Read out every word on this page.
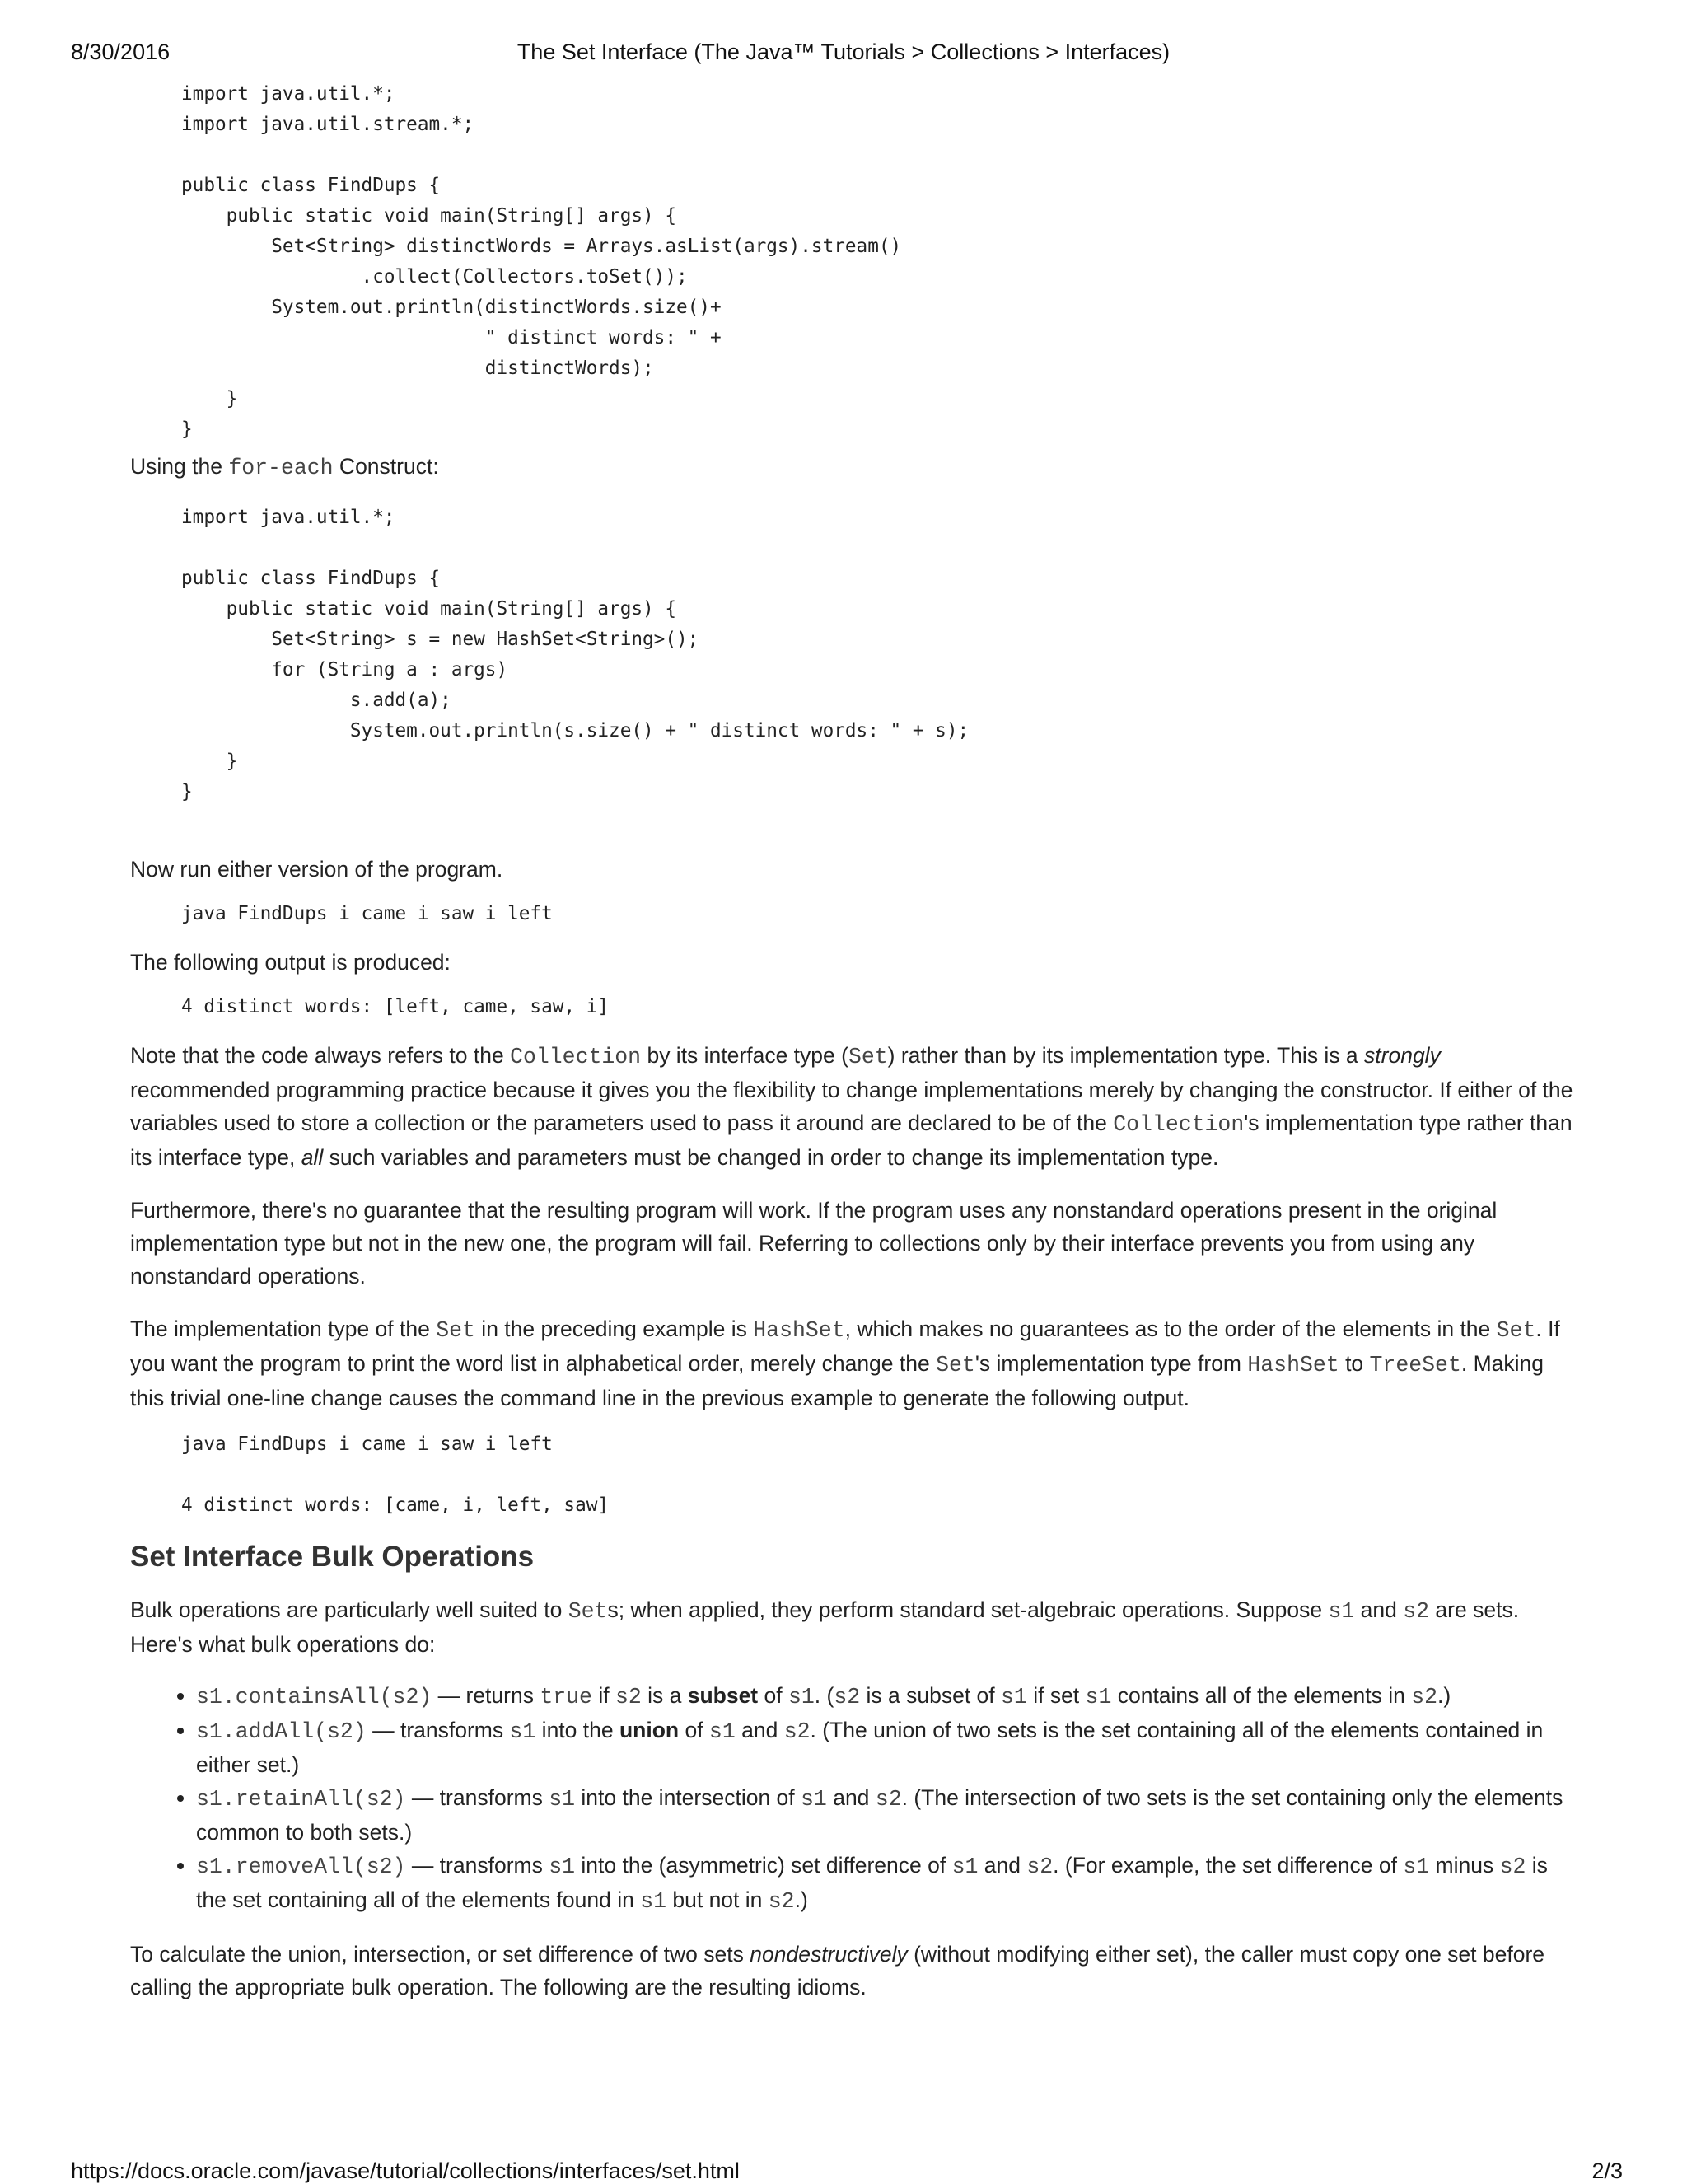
8/30/2016	The Set Interface (The Java™ Tutorials > Collections > Interfaces)
import java.util.*;
import java.util.stream.*;

public class FindDups {
public static void main(String[] args) {
Set<String> distinctWords = Arrays.asList(args).stream()
.collect(Collectors.toSet());
System.out.println(distinctWords.size()+
" distinct words: " +
distinctWords);
}
}

Using the for-each Construct:

import java.util.*;

public class FindDups {
public static void main(String[] args) {
Set<String> s = new HashSet<String>();
for (String a : args)
s.add(a);
System.out.println(s.size() + " distinct words: " + s);
}
}

Now run either version of the program.

java FindDups i came i saw i left

The following output is produced:

4 distinct words: [left, came, saw, i]

Note that the code always refers to the Collection by its interface type (Set) rather than by its implementation type. This is a strongly recommended programming practice because it gives you the flexibility to change implementations merely by changing the constructor. If either of the variables used to store a collection or the parameters used to pass it around are declared to be of the Collection's implementation type rather than its interface type, all such variables and parameters must be changed in order to change its implementation type.

Furthermore, there's no guarantee that the resulting program will work. If the program uses any nonstandard operations present in the original implementation type but not in the new one, the program will fail. Referring to collections only by their interface prevents you from using any nonstandard operations.

The implementation type of the Set in the preceding example is HashSet, which makes no guarantees as to the order of the elements in the Set. If you want the program to print the word list in alphabetical order, merely change the Set's implementation type from HashSet to TreeSet. Making this trivial one-line change causes the command line in the previous example to generate the following output.

java FindDups i came i saw i left

4 distinct words: [came, i, left, saw]
Set Interface Bulk Operations

Bulk operations are particularly well suited to Sets; when applied, they perform standard set-algebraic operations. Suppose s1 and s2 are sets. Here's what bulk operations do:

• s1.containsAll(s2) — returns true if s2 is a subset of s1. (s2 is a subset of s1 if set s1 contains all of the elements in s2.)
• s1.addAll(s2) — transforms s1 into the union of s1 and s2. (The union of two sets is the set containing all of the elements contained in either set.)
• s1.retainAll(s2) — transforms s1 into the intersection of s1 and s2. (The intersection of two sets is the set containing only the elements common to both sets.)
• s1.removeAll(s2) — transforms s1 into the (asymmetric) set difference of s1 and s2. (For example, the set difference of s1 minus s2 is the set containing all of the elements found in s1 but not in s2.)

To calculate the union, intersection, or set difference of two sets nondestructively (without modifying either set), the caller must copy one set before calling the appropriate bulk operation. The following are the resulting idioms.

https://docs.oracle.com/javase/tutorial/collections/interfaces/set.html	2/3
